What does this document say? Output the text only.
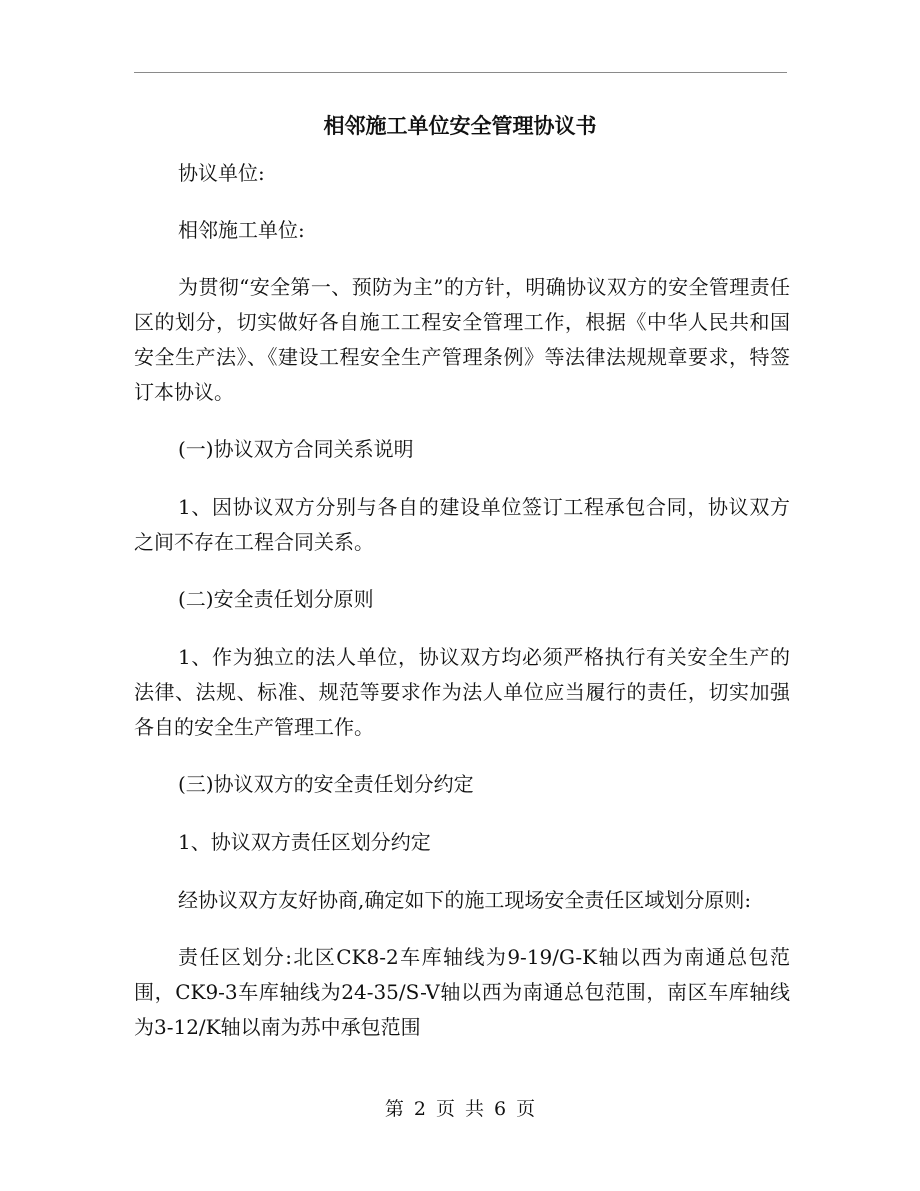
相邻施工单位安全管理协议书

协议单位:

相邻施工单位:

为贯彻“安全第一、预防为主”的方针，明确协议双方的安全管理责任区的划分，切实做好各自施工工程安全管理工作，根据《中华人民共和国安全生产法》、《建设工程安全生产管理条例》等法律法规规章要求，特签订本协议。

(一)协议双方合同关系说明

1、因协议双方分别与各自的建设单位签订工程承包合同，协议双方之间不存在工程合同关系。

(二)安全责任划分原则

1、作为独立的法人单位，协议双方均必须严格执行有关安全生产的法律、法规、标准、规范等要求作为法人单位应当履行的责任，切实加强各自的安全生产管理工作。

(三)协议双方的安全责任划分约定

1、协议双方责任区划分约定

经协议双方友好协商,确定如下的施工现场安全责任区域划分原则:

责任区划分:北区CK8-2车库轴线为9-19/G-K轴以西为南通总包范围，CK9-3车库轴线为24-35/S-V轴以西为南通总包范围，南区车库轴线为3-12/K轴以南为苏中承包范围

第 2 页 共 6 页
